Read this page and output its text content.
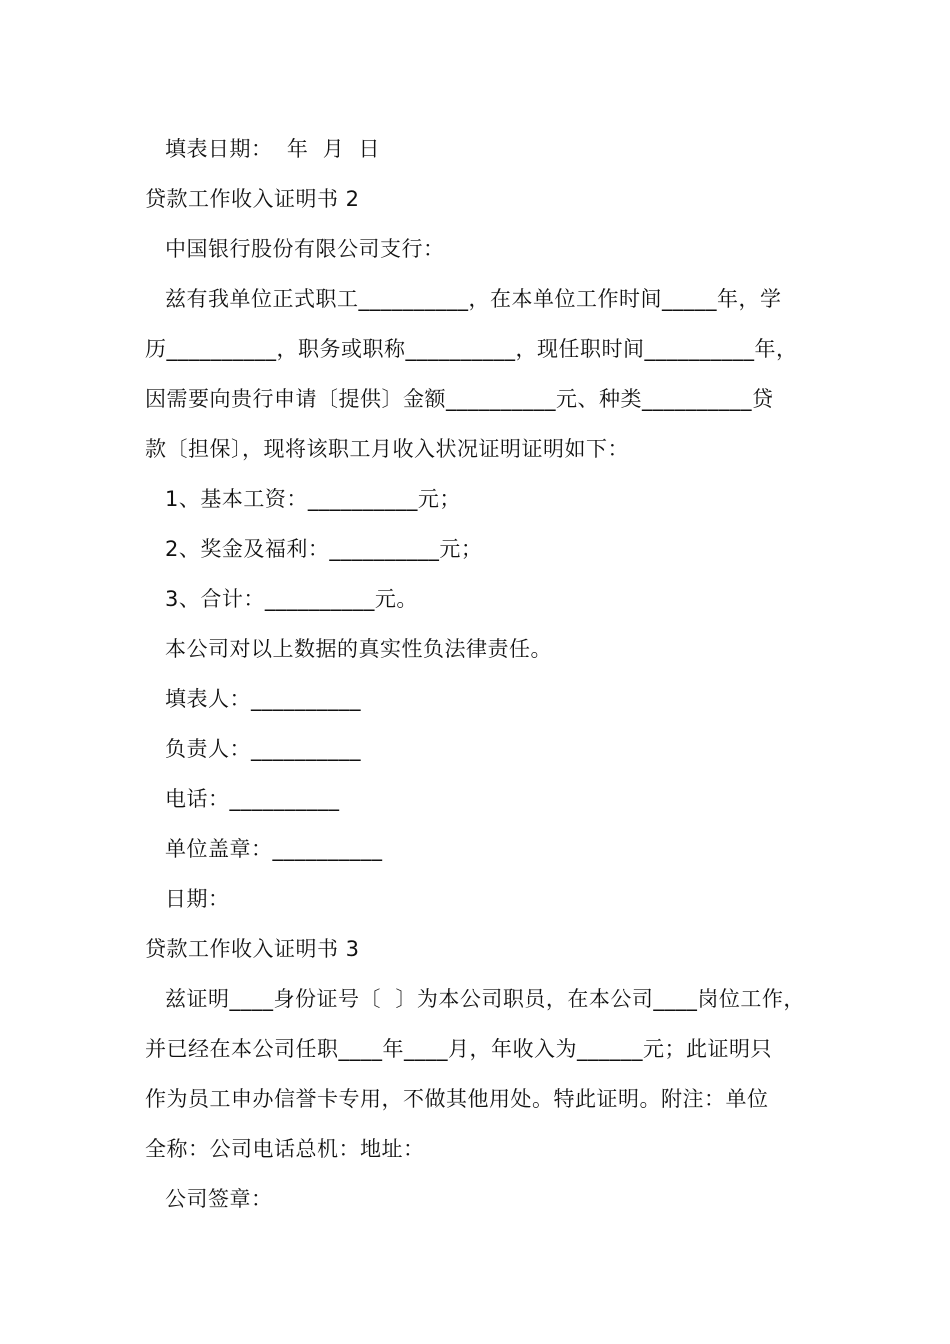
填表日期：  年  月  日
贷款工作收入证明书 2
中国银行股份有限公司支行：
兹有我单位正式职工__________，在本单位工作时间_____年，学
历__________，职务或职称__________，现任职时间__________年，
因需要向贵行申请〔提供〕金额__________元、种类__________贷
款〔担保〕，现将该职工月收入状况证明证明如下：
1、基本工资：__________元；
2、奖金及福利：__________元；
3、合计：__________元。
本公司对以上数据的真实性负法律责任。
填表人：__________
负责人：__________
电话：__________
单位盖章：__________
日期：
贷款工作收入证明书 3
兹证明____身份证号〔  〕为本公司职员，在本公司____岗位工作，
并已经在本公司任职____年____月，年收入为______元；此证明只
作为员工申办信誉卡专用，不做其他用处。特此证明。附注：单位
全称：公司电话总机：地址：
公司签章：
